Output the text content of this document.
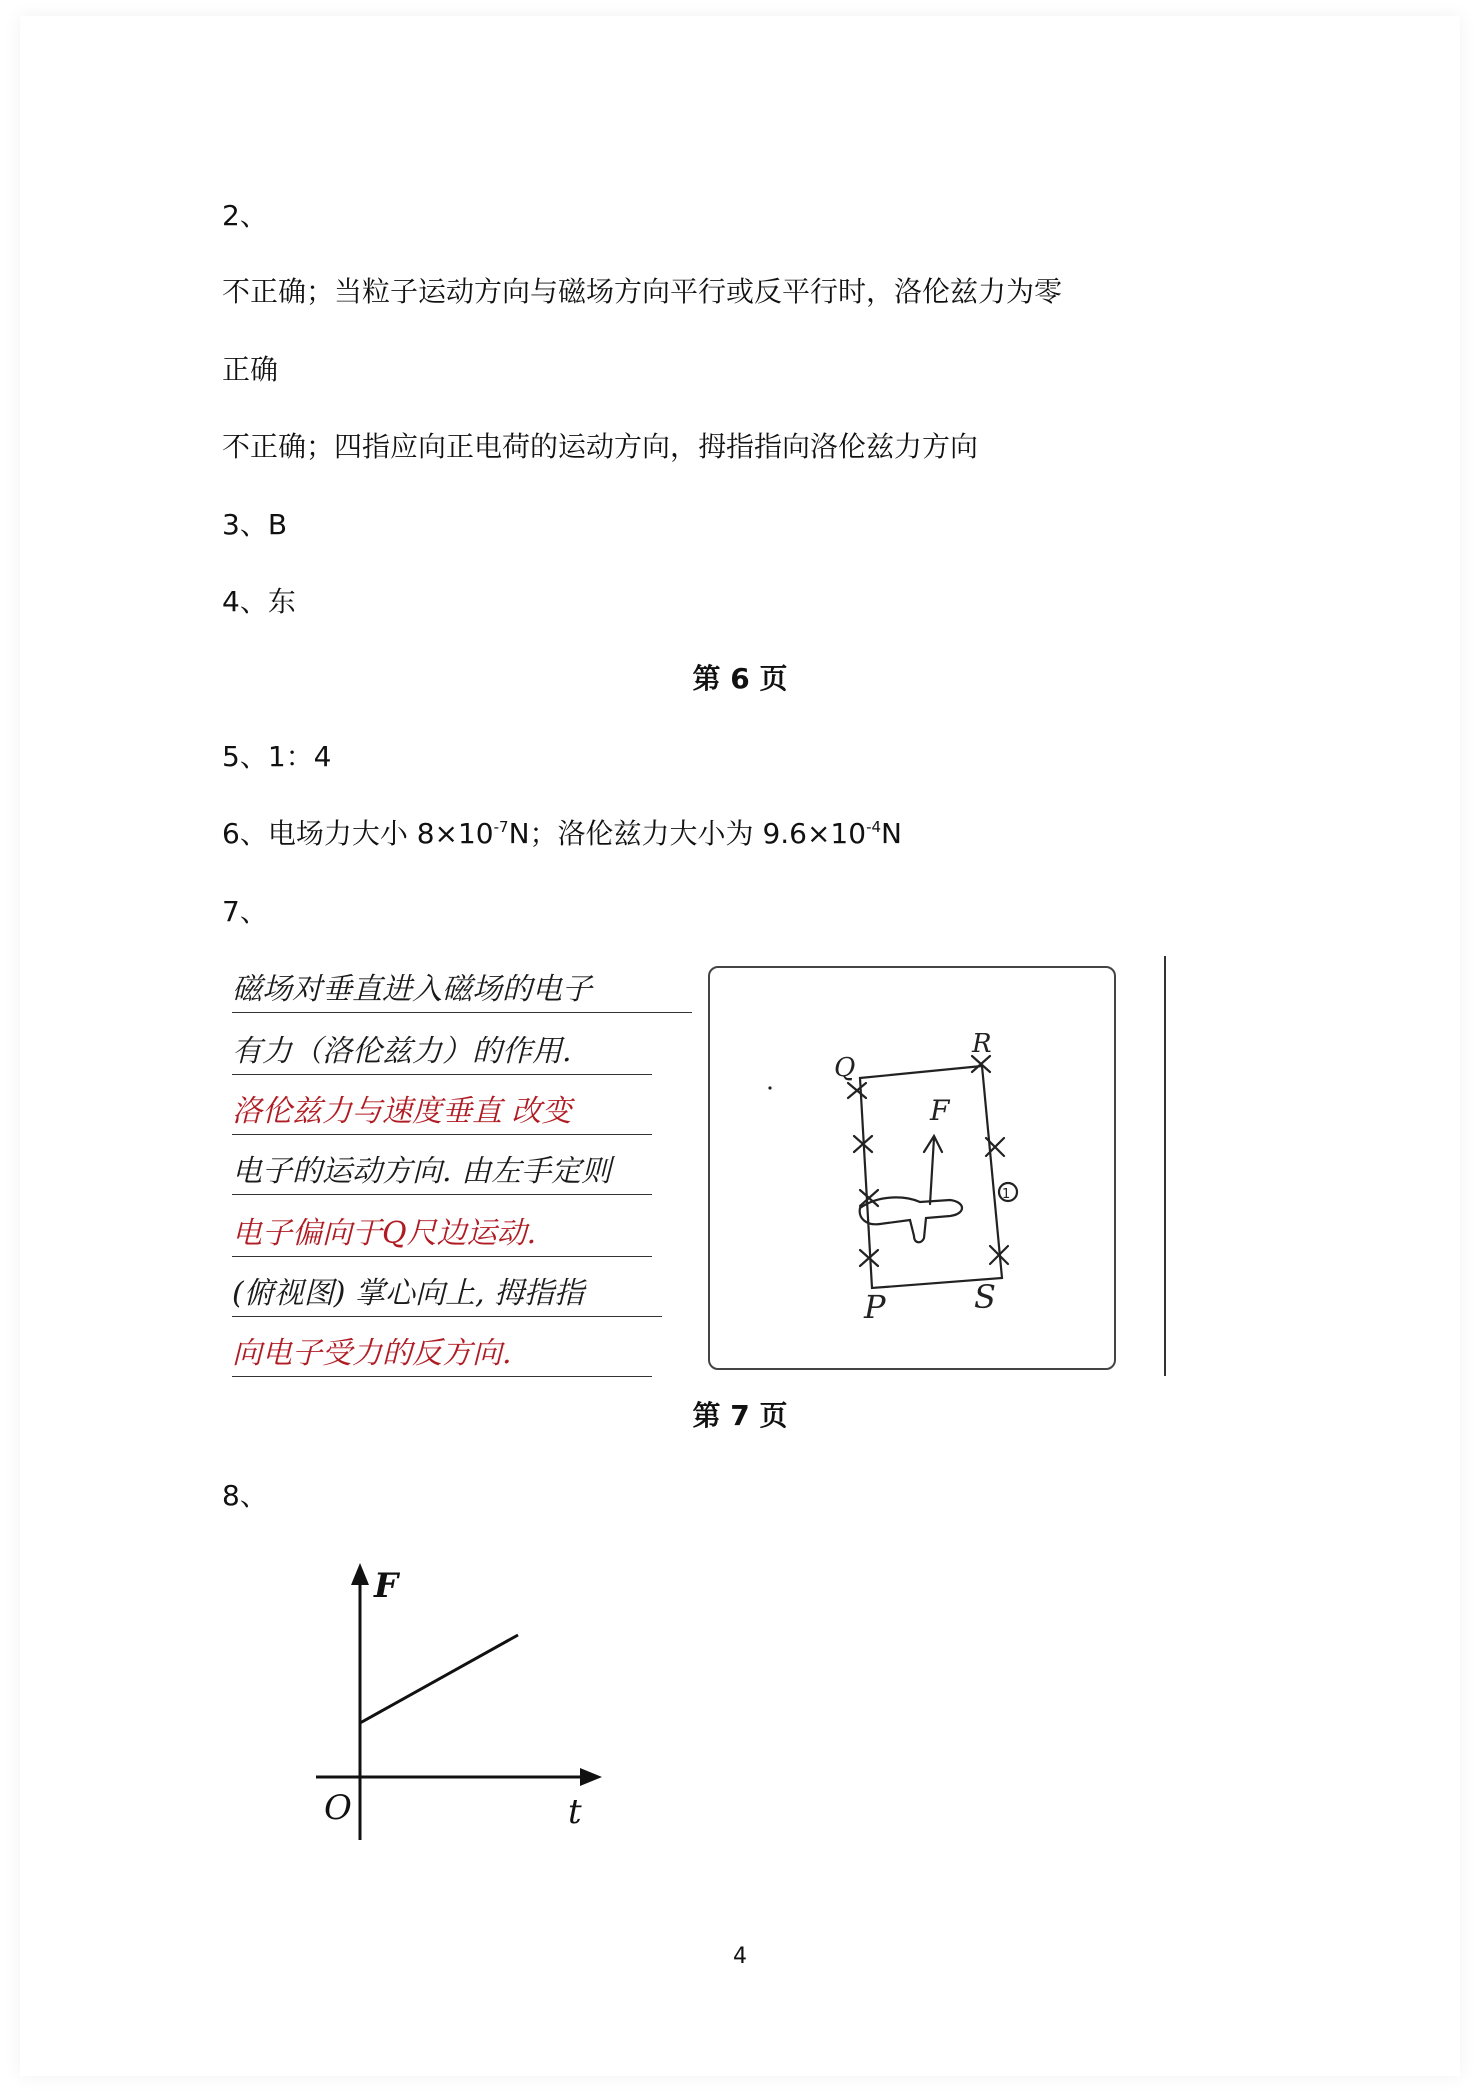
2、
不正确；当粒子运动方向与磁场方向平行或反平行时，洛伦兹力为零
正确
不正确；四指应向正电荷的运动方向，拇指指向洛伦兹力方向
3、B
4、东
第 6 页
5、1：4
6、电场力大小 $8\times 10^{-7}N$；洛伦兹力大小为 $9.6\times 10^{-4}N$
7、
磁场对垂直进入磁场的电子
有力（洛伦兹力）的作用.
洛伦兹力与速度垂直 改变
电子的运动方向. 由左手定则
电子偏向于Q尺边运动.
(俯视图) 掌心向上, 拇指指
向电子受力的反方向.
Q
R
F
1
P	S
第 7 页
8、
F
t
O
4
